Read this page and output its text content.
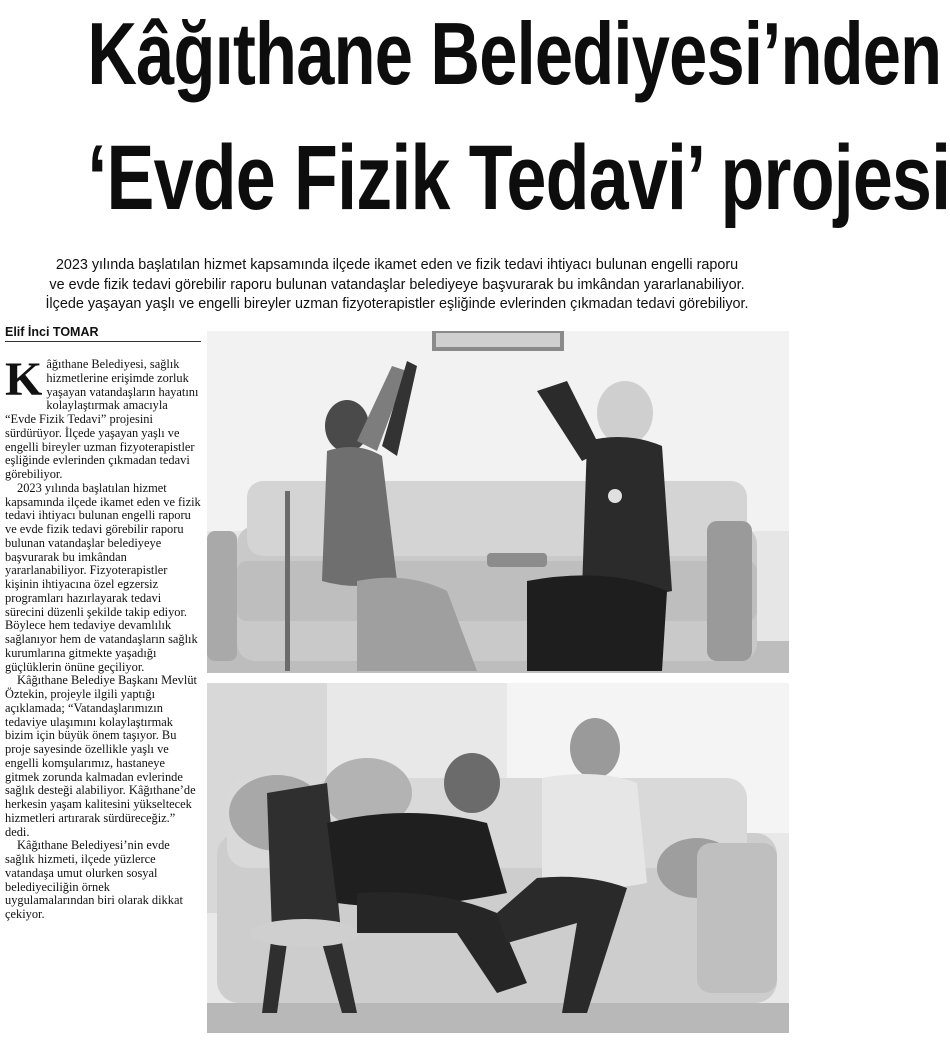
Kâğıthane Belediyesi’nden
‘Evde Fizik Tedavi’ projesi

2023 yılında başlatılan hizmet kapsamında ilçede ikamet eden ve fizik tedavi ihtiyacı bulunan engelli raporu

ve evde fizik tedavi görebilir raporu bulunan vatandaşlar belediyeye başvurarak bu imkândan yararlanabiliyor.

İlçede yaşayan yaşlı ve engelli bireyler uzman fizyoterapistler eşliğinde evlerinden çıkmadan tedavi görebiliyor.

Elif İnci TOMAR

Kâğıthane Belediyesi, sağlık hizmetlerine erişimde zorluk yaşayan vatandaşların hayatını kolaylaştırmak amacıyla “Evde Fizik Tedavi” projesini sürdürüyor. İlçede yaşayan yaşlı ve engelli bireyler uzman fizyoterapistler eşliğinde evlerinden çıkmadan tedavi görebiliyor.

2023 yılında başlatılan hizmet kapsamında ilçede ikamet eden ve fizik tedavi ihtiyacı bulunan engelli raporu ve evde fizik tedavi görebilir raporu bulunan vatandaşlar belediyeye başvurarak bu imkândan yararlanabiliyor. Fizyoterapistler kişinin ihtiyacına özel egzersiz programları hazırlayarak tedavi sürecini düzenli şekilde takip ediyor. Böylece hem tedaviye devamlılık sağlanıyor hem de vatandaşların sağlık kurumlarına gitmekte yaşadığı güçlüklerin önüne geçiliyor.

Kâğıthane Belediye Başkanı Mevlüt Öztekin, projeyle ilgili yaptığı açıklamada; “Vatandaşlarımızın tedaviye ulaşımını kolaylaştırmak bizim için büyük önem taşıyor. Bu proje sayesinde özellikle yaşlı ve engelli komşularımız, hastaneye gitmek zorunda kalmadan evlerinde sağlık desteği alabiliyor. Kâğıthane’de herkesin yaşam kalitesini yükseltecek hizmetleri artırarak sürdüreceğiz.” dedi.

Kâğıthane Belediyesi’nin evde sağlık hizmeti, ilçede yüzlerce vatandaşa umut olurken sosyal belediyeciliğin örnek uygulamalarından biri olarak dikkat çekiyor.
